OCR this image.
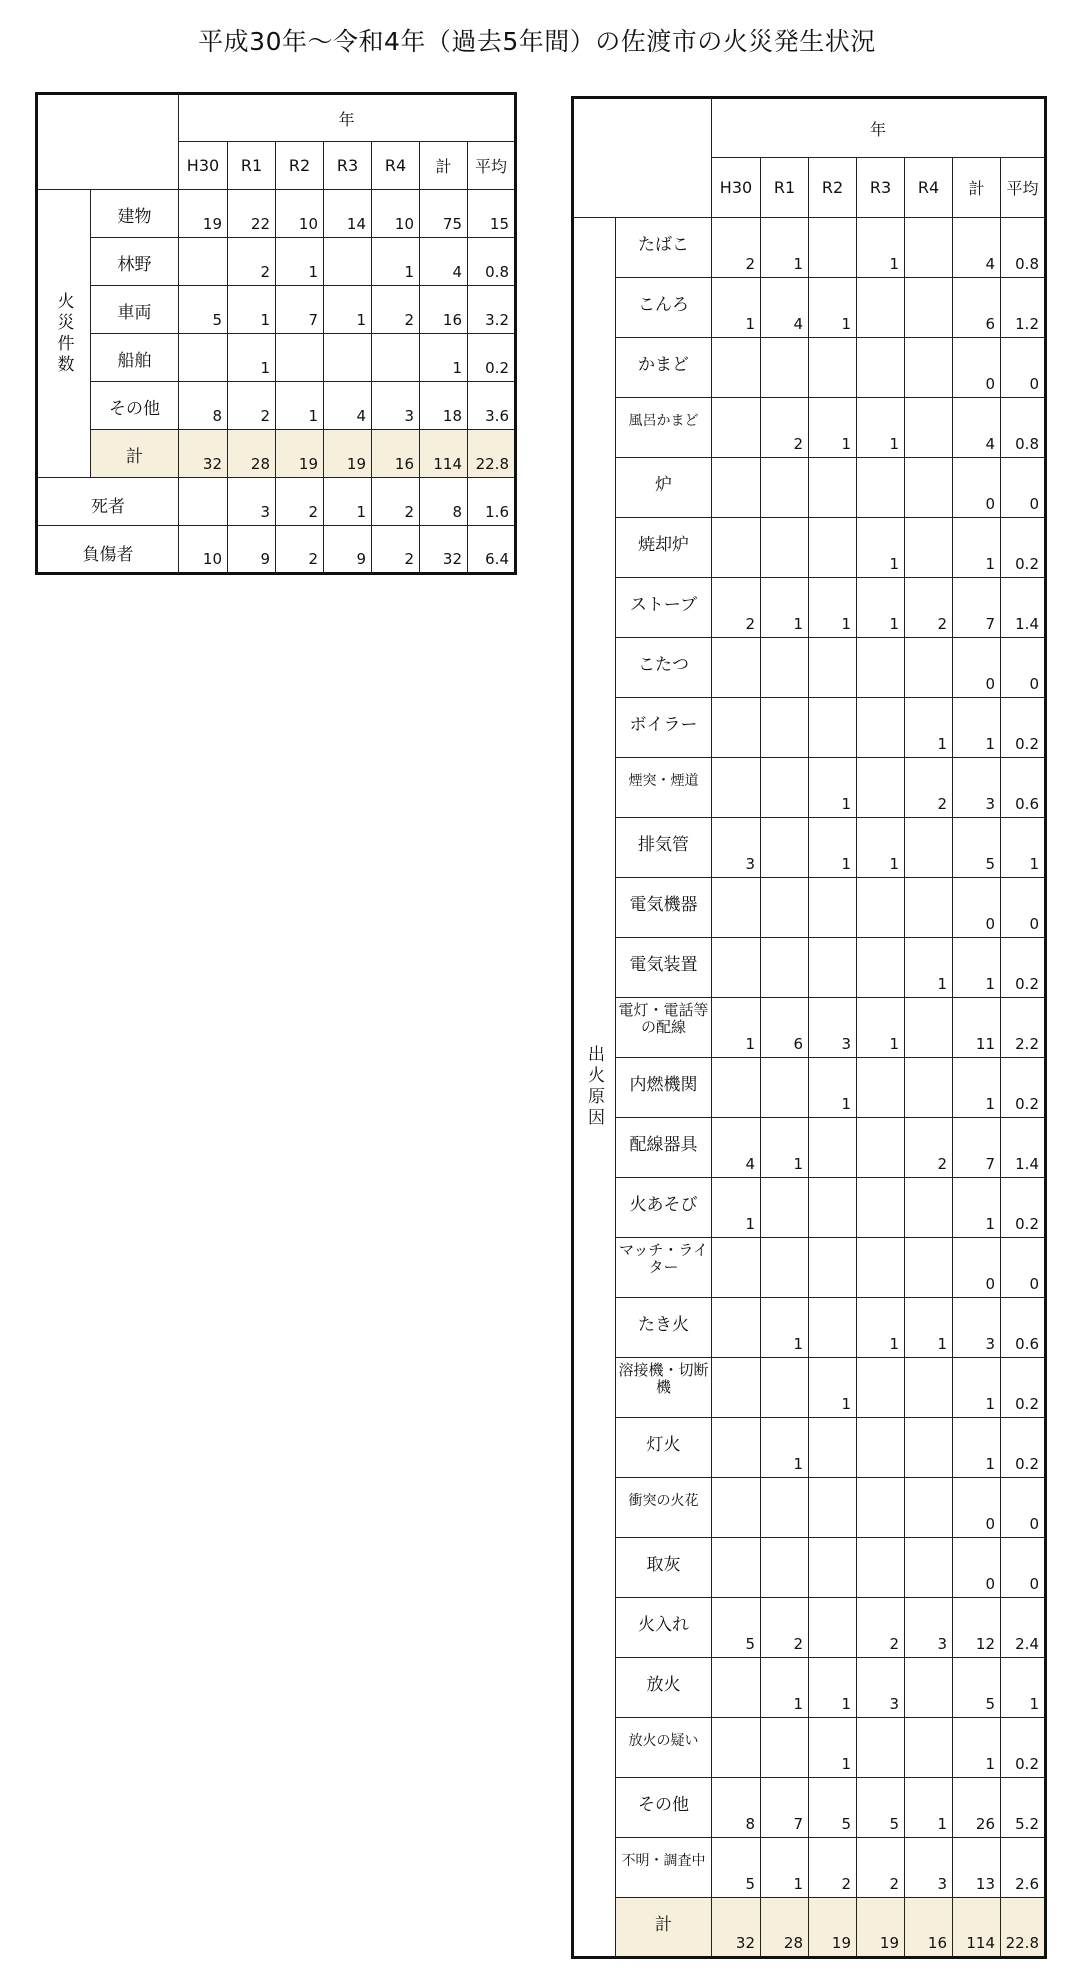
平成30年～令和4年（過去5年間）の佐渡市の火災発生状況
		年						
		H30	R1	R2	R3	R4	計	平均
火災件数	建物	19	22	10	14	10	75	15
	林野		2	1		1	4	0.8
	車両	5	1	7	1	2	16	3.2
	船舶		1				1	0.2
	その他	8	2	1	4	3	18	3.6
	計	32	28	19	19	16	114	22.8
死者			3	2	1	2	8	1.6
負傷者		10	9	2	9	2	32	6.4
		年						
		H30	R1	R2	R3	R4	計	平均
出火原因	たばこ	2	1		1		4	0.8
	こんろ	1	4	1			6	1.2
	かまど						0	0
	風呂かまど		2	1	1		4	0.8
	炉						0	0
	焼却炉				1		1	0.2
	ストーブ	2	1	1	1	2	7	1.4
	こたつ						0	0
	ボイラー					1	1	0.2
	煙突・煙道			1		2	3	0.6
	排気管	3		1	1		5	1
	電気機器						0	0
	電気装置					1	1	0.2
	電灯・電話等の配線	1	6	3	1		11	2.2
	内燃機関			1			1	0.2
	配線器具	4	1			2	7	1.4
	火あそび	1					1	0.2
	マッチ・ライター						0	0
	たき火		1		1	1	3	0.6
	溶接機・切断機			1			1	0.2
	灯火		1				1	0.2
	衝突の火花						0	0
	取灰						0	0
	火入れ	5	2		2	3	12	2.4
	放火		1	1	3		5	1
	放火の疑い			1			1	0.2
	その他	8	7	5	5	1	26	5.2
	不明・調査中	5	1	2	2	3	13	2.6
	計	32	28	19	19	16	114	22.8
